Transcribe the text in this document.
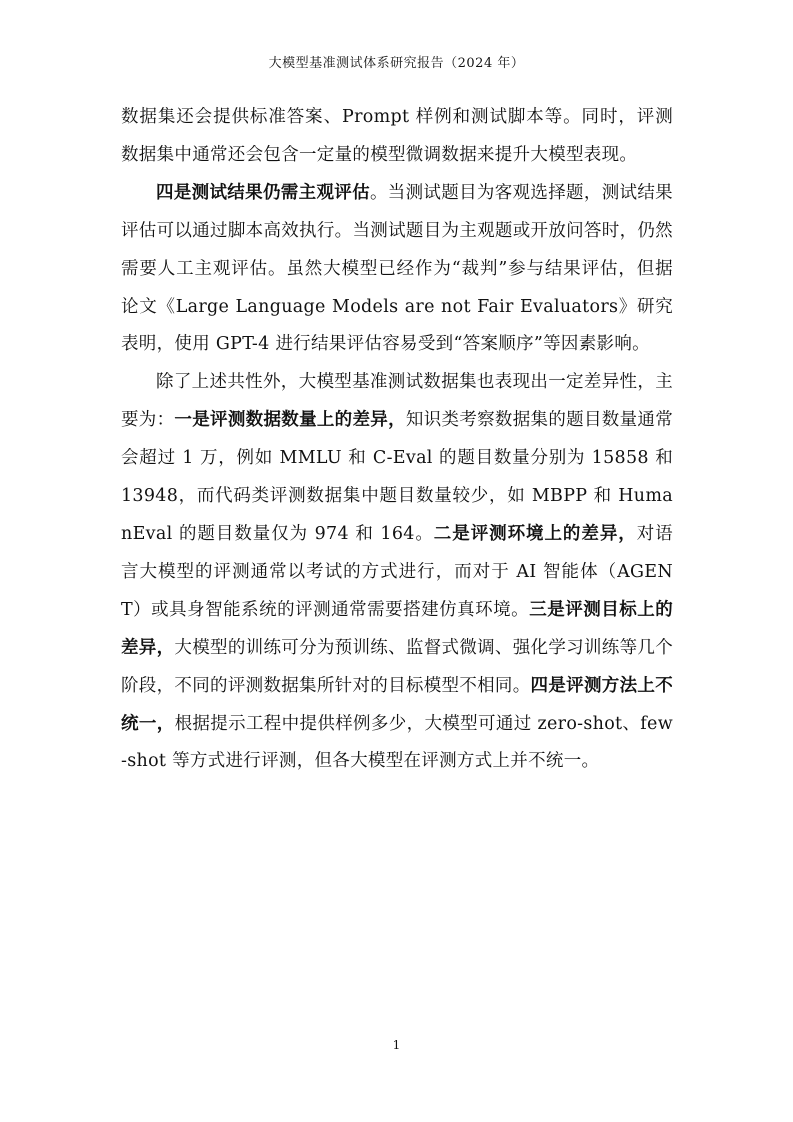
大模型基准测试体系研究报告（2024 年）

数据集还会提供标准答案、Prompt 样例和测试脚本等。同时，评测数据集中通常还会包含一定量的模型微调数据来提升大模型表现。

四是测试结果仍需主观评估。当测试题目为客观选择题，测试结果评估可以通过脚本高效执行。当测试题目为主观题或开放问答时，仍然需要人工主观评估。虽然大模型已经作为“裁判”参与结果评估，但据论文《Large Language Models are not Fair Evaluators》研究表明，使用 GPT-4 进行结果评估容易受到“答案顺序”等因素影响。

除了上述共性外，大模型基准测试数据集也表现出一定差异性，主要为：一是评测数据数量上的差异，知识类考察数据集的题目数量通常会超过 1 万，例如 MMLU 和 C-Eval 的题目数量分别为 15858 和 13948，而代码类评测数据集中题目数量较少，如 MBPP 和 HumanEval 的题目数量仅为 974 和 164。二是评测环境上的差异，对语言大模型的评测通常以考试的方式进行，而对于 AI 智能体（AGENT）或具身智能系统的评测通常需要搭建仿真环境。三是评测目标上的差异，大模型的训练可分为预训练、监督式微调、强化学习训练等几个阶段，不同的评测数据集所针对的目标模型不相同。四是评测方法上不统一，根据提示工程中提供样例多少，大模型可通过 zero-shot、few-shot 等方式进行评测，但各大模型在评测方式上并不统一。

1
